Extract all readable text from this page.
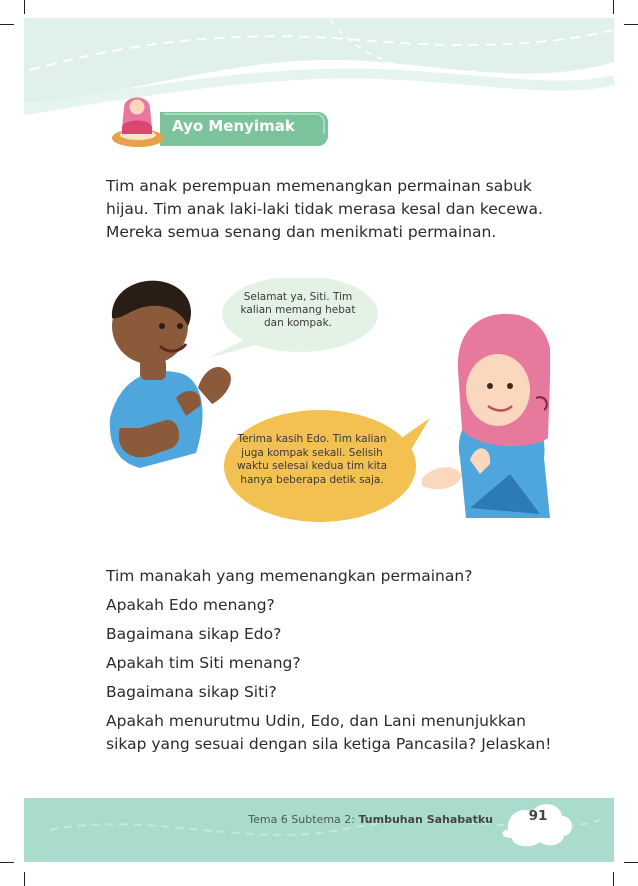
Ayo Menyimak

Tim anak perempuan memenangkan permainan sabuk hijau. Tim anak laki-laki tidak merasa kesal dan kecewa. Mereka semua senang dan menikmati permainan.

Selamat ya, Siti. Tim kalian memang hebat dan kompak.
Terima kasih Edo. Tim kalian juga kompak sekali. Selisih waktu selesai kedua tim kita hanya beberapa detik saja.
Tim manakah yang memenangkan permainan?
Apakah Edo menang?
Bagaimana sikap Edo?
Apakah tim Siti menang?
Bagaimana sikap Siti?
Apakah menurutmu Udin, Edo, dan Lani menunjukkan sikap yang sesuai dengan sila ketiga Pancasila? Jelaskan!
Tema 6 Subtema 2: Tumbuhan Sahabatku	91
